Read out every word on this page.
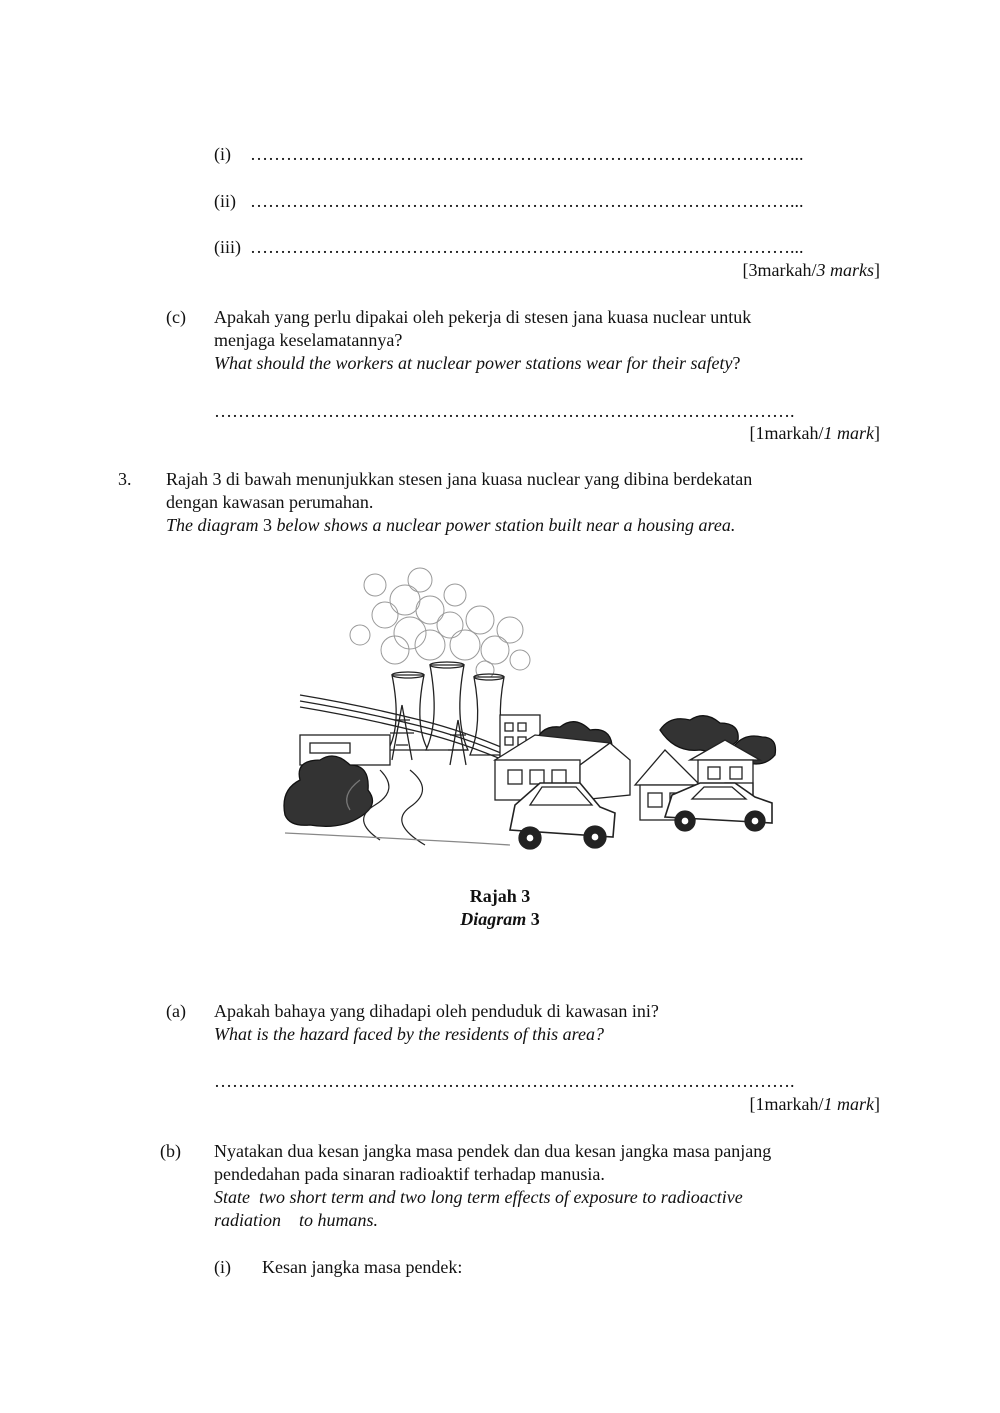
(i) ………………………………………………………………………………...
(ii) ………………………………………………………………………………...
(iii) ………………………………………………………………………………...
[3markah/3 marks]
(c) Apakah yang perlu dipakai oleh pekerja di stesen jana kuasa nuclear untuk
menjaga keselamatannya?
What should the workers at nuclear power stations wear for their safety?
…………………………………………………………………………………….
[1markah/1 mark]
3. Rajah 3 di bawah menunjukkan stesen jana kuasa nuclear yang dibina berdekatan
dengan kawasan perumahan.
The diagram 3 below shows a nuclear power station built near a housing area.
Rajah 3
Diagram 3
(a) Apakah bahaya yang dihadapi oleh penduduk di kawasan ini?
What is the hazard faced by the residents of this area?
…………………………………………………………………………………….
[1markah/1 mark]
(b) Nyatakan dua kesan jangka masa pendek dan dua kesan jangka masa panjang
pendedahan pada sinaran radioaktif terhadap manusia.
State  two short term and two long term effects of exposure to radioactive
radiation    to humans.
(i) Kesan jangka masa pendek:
